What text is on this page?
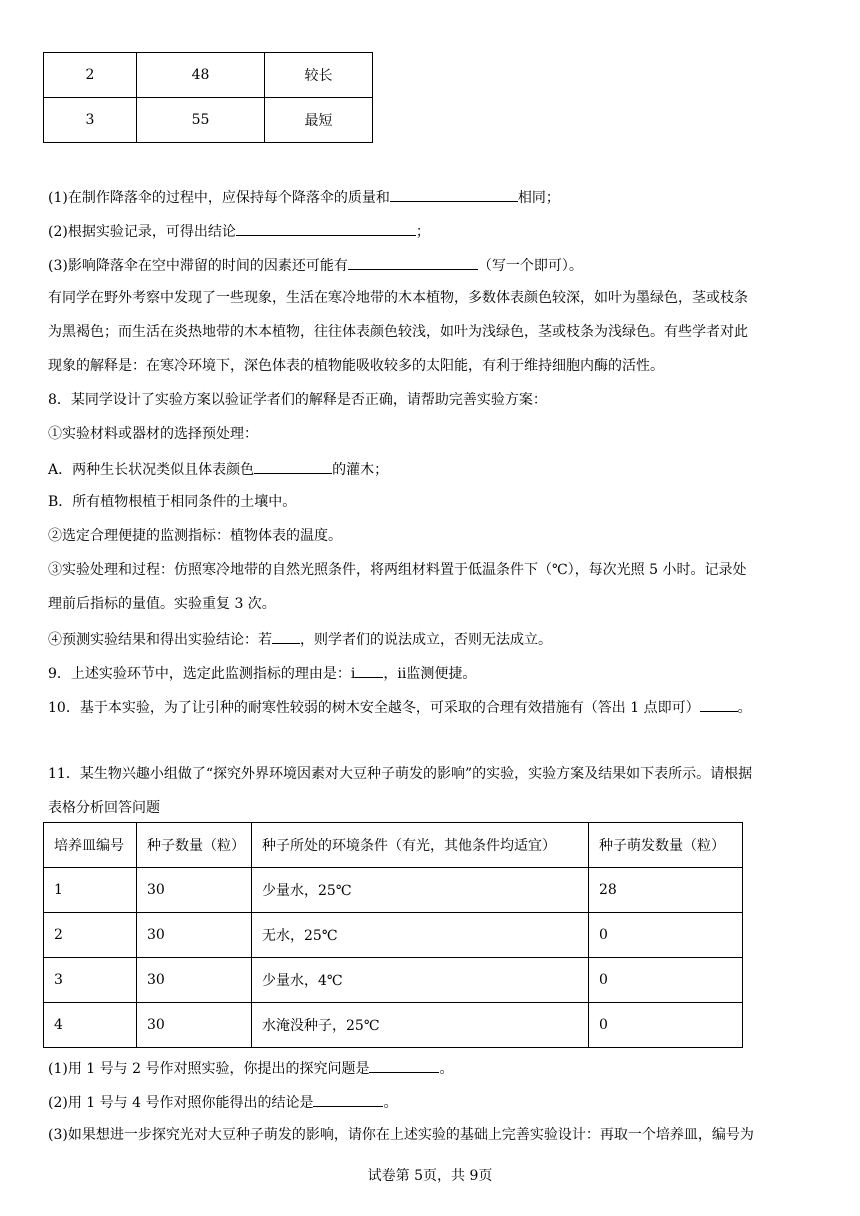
2	48	较长
3	55	最短
(1)在制作降落伞的过程中，应保持每个降落伞的质量和	相同；
(2)根据实验记录，可得出结论	；
(3)影响降落伞在空中滞留的时间的因素还可能有	（写一个即可）。
有同学在野外考察中发现了一些现象，生活在寒冷地带的木本植物，多数体表颜色较深，如叶为墨绿色，茎或枝条
为黑褐色；而生活在炎热地带的木本植物，往往体表颜色较浅，如叶为浅绿色，茎或枝条为浅绿色。有些学者对此
现象的解释是：在寒冷环境下，深色体表的植物能吸收较多的太阳能，有利于维持细胞内酶的活性。
8．某同学设计了实验方案以验证学者们的解释是否正确，请帮助完善实验方案：
①实验材料或器材的选择预处理：
A．两种生长状况类似且体表颜色	的灌木；
B．所有植物根植于相同条件的土壤中。
②选定合理便捷的监测指标：植物体表的温度。
③实验处理和过程：仿照寒冷地带的自然光照条件，将两组材料置于低温条件下（℃），每次光照 5 小时。记录处
理前后指标的量值。实验重复 3 次。
④预测实验结果和得出实验结论：若 ，则学者们的说法成立，否则无法成立。
9．上述实验环节中，选定此监测指标的理由是：i ，ii监测便捷。
10．基于本实验，为了让引种的耐寒性较弱的树木安全越冬，可采取的合理有效措施有（答出 1 点即可）	。
11．某生物兴趣小组做了“探究外界环境因素对大豆种子萌发的影响”的实验，实验方案及结果如下表所示。请根据
表格分析回答问题
培养皿编号	种子数量（粒）	种子所处的环境条件（有光，其他条件均适宜）	种子萌发数量（粒）
1	30	少量水，25℃	28
2	30	无水，25℃	0
3	30	少量水，4℃	0
4	30	水淹没种子，25℃	0
(1)用 1 号与 2 号作对照实验，你提出的探究问题是	。
(2)用 1 号与 4 号作对照你能得出的结论是	。
(3)如果想进一步探究光对大豆种子萌发的影响，请你在上述实验的基础上完善实验设计：再取一个培养皿，编号为
试卷第 5页，共 9页
